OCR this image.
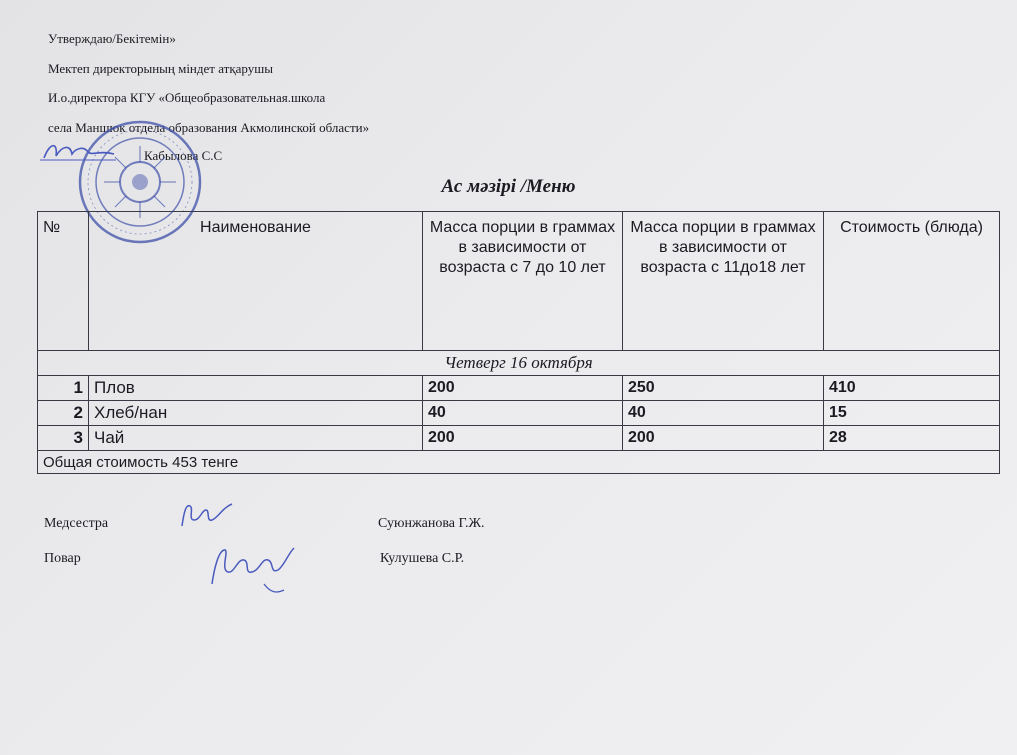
Утверждаю/Бекітемін»
Мектеп директорының міндет атқарушы
И.о.директора КГУ «Общеобразовательная.школа
села Маншюк отдела образования Акмолинской области»
Кабылова С.С
Ас мәзірі /Меню
№	Наименование	Масса порции в граммах в зависимости от возраста с 7 до 10 лет	Масса порции в граммах в зависимости от возраста с 11до18 лет	Стоимость (блюда)
Четверг 16 октября				
1	Плов	200	250	410
2	Хлеб/нан	40	40	15
3	Чай	200	200	28
Общая стоимость 453 тенге				
Медсестра	Суюнжанова Г.Ж.
Повар	Кулушева С.Р.
